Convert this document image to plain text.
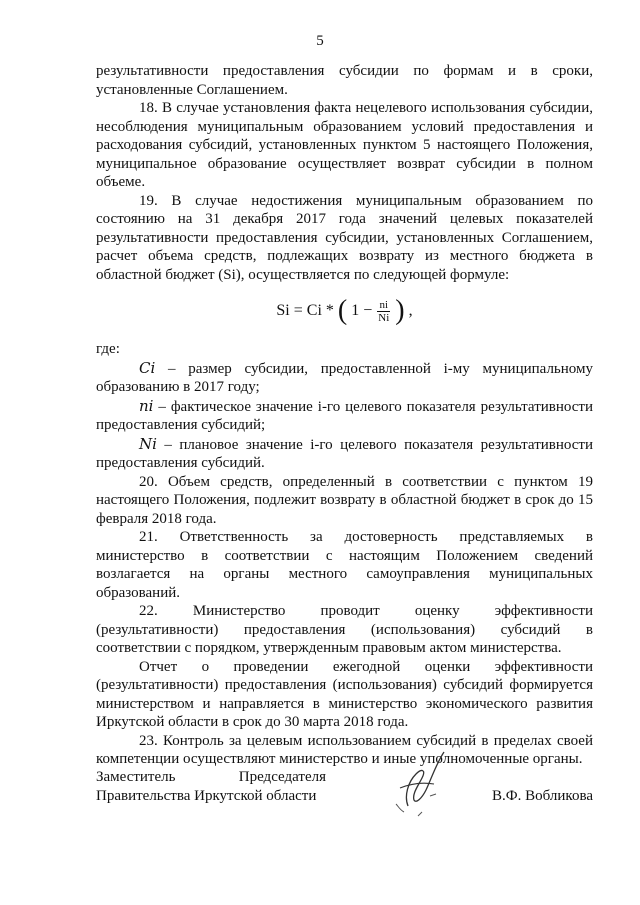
5

результативности предоставления субсидии по формам и в сроки, установленные Соглашением.

18. В случае установления факта нецелевого использования субсидии, несоблюдения муниципальным образованием условий предоставления и расходования субсидий, установленных пунктом 5 настоящего Положения, муниципальное образование осуществляет возврат субсидии в полном объеме.

19. В случае недостижения муниципальным образованием по состоянию на 31 декабря 2017 года значений целевых показателей результативности предоставления субсидии, установленных Соглашением, расчет объема средств, подлежащих возврату из местного бюджета в областной бюджет (Si), осуществляется по следующей формуле:

Si = Ci * ( $1 - \frac{ni}{Ni}$ ) ,

где:

Ci – размер субсидии, предоставленной i-му муниципальному образованию в 2017 году;

ni – фактическое значение i-го целевого показателя результативности предоставления субсидий;

Ni – плановое значение i-го целевого показателя результативности предоставления субсидий.

20. Объем средств, определенный в соответствии с пунктом 19 настоящего Положения, подлежит возврату в областной бюджет в срок до 15 февраля 2018 года.

21. Ответственность за достоверность представляемых в министерство в соответствии с настоящим Положением сведений возлагается на органы местного самоуправления муниципальных образований.

22. Министерство проводит оценку эффективности (результативности) предоставления (использования) субсидий в соответствии с порядком, утвержденным правовым актом министерства.

Отчет о проведении ежегодной оценки эффективности (результативности) предоставления (использования) субсидий формируется министерством и направляется в министерство экономического развития Иркутской области в срок до 30 марта 2018 года.

23. Контроль за целевым использованием субсидий в пределах своей компетенции осуществляют министерство и иные уполномоченные органы.

Заместитель	Председателя
Правительства Иркутской области	В.Ф. Вобликова
